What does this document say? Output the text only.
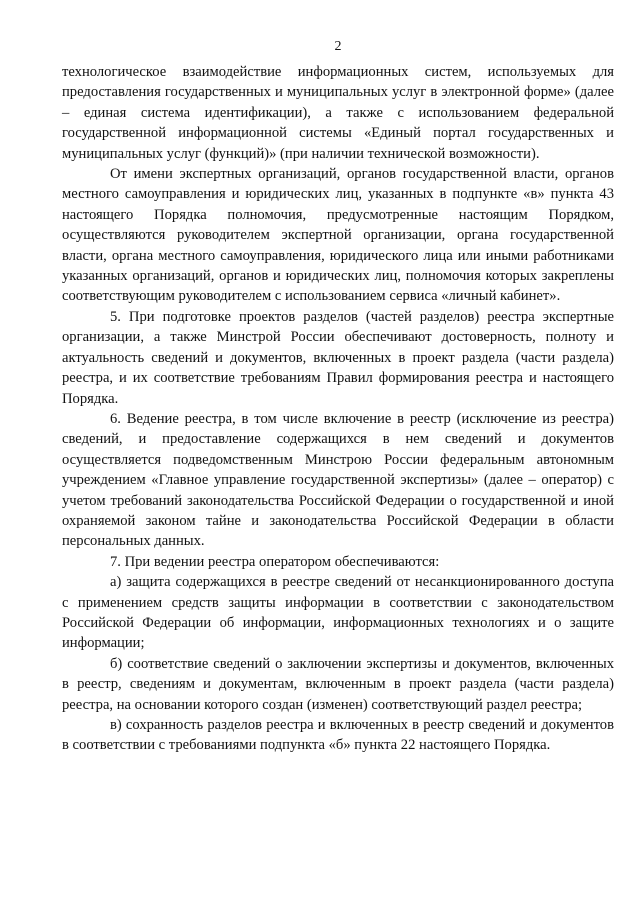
2

технологическое взаимодействие информационных систем, используемых для предоставления государственных и муниципальных услуг в электронной форме» (далее – единая система идентификации), а также с использованием федеральной государственной информационной системы «Единый портал государственных и муниципальных услуг (функций)» (при наличии технической возможности).

От имени экспертных организаций, органов государственной власти, органов местного самоуправления и юридических лиц, указанных в подпункте «в» пункта 43 настоящего Порядка полномочия, предусмотренные настоящим Порядком, осуществляются руководителем экспертной организации, органа государственной власти, органа местного самоуправления, юридического лица или иными работниками указанных организаций, органов и юридических лиц, полномочия которых закреплены соответствующим руководителем с использованием сервиса «личный кабинет».

5. При подготовке проектов разделов (частей разделов) реестра экспертные организации, а также Минстрой России обеспечивают достоверность, полноту и актуальность сведений и документов, включенных в проект раздела (части раздела) реестра, и их соответствие требованиям Правил формирования реестра и настоящего Порядка.

6. Ведение реестра, в том числе включение в реестр (исключение из реестра) сведений, и предоставление содержащихся в нем сведений и документов осуществляется подведомственным Минстрою России федеральным автономным учреждением «Главное управление государственной экспертизы» (далее – оператор) с учетом требований законодательства Российской Федерации о государственной и иной охраняемой законом тайне и законодательства Российской Федерации в области персональных данных.

7. При ведении реестра оператором обеспечиваются:

а) защита содержащихся в реестре сведений от несанкционированного доступа с применением средств защиты информации в соответствии с законодательством Российской Федерации об информации, информационных технологиях и о защите информации;

б) соответствие сведений о заключении экспертизы и документов, включенных в реестр, сведениям и документам, включенным в проект раздела (части раздела) реестра, на основании которого создан (изменен) соответствующий раздел реестра;

в) сохранность разделов реестра и включенных в реестр сведений и документов в соответствии с требованиями подпункта «б» пункта 22 настоящего Порядка.
